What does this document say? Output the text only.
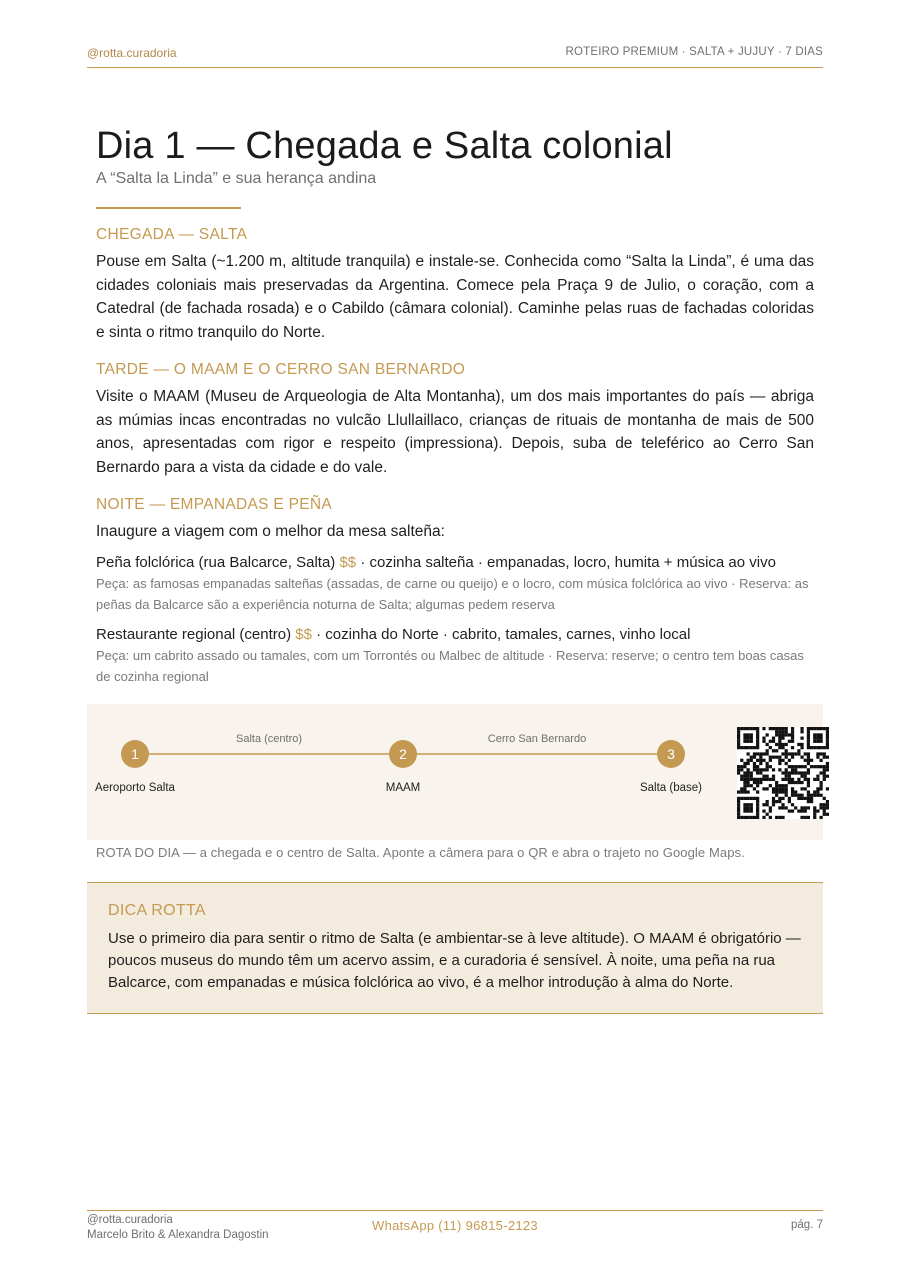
@rotta.curadoria	ROTEIRO PREMIUM · SALTA + JUJUY · 7 DIAS
Dia 1 — Chegada e Salta colonial
A “Salta la Linda” e sua herança andina
CHEGADA — SALTA

Pouse em Salta (~1.200 m, altitude tranquila) e instale-se. Conhecida como “Salta la Linda”, é uma das cidades coloniais mais preservadas da Argentina. Comece pela Praça 9 de Julio, o coração, com a Catedral (de fachada rosada) e o Cabildo (câmara colonial). Caminhe pelas ruas de fachadas coloridas e sinta o ritmo tranquilo do Norte.

TARDE — O MAAM E O CERRO SAN BERNARDO

Visite o MAAM (Museu de Arqueologia de Alta Montanha), um dos mais importantes do país — abriga as múmias incas encontradas no vulcão Llullaillaco, crianças de rituais de montanha de mais de 500 anos, apresentadas com rigor e respeito (impressiona). Depois, suba de teleférico ao Cerro San Bernardo para a vista da cidade e do vale.

NOITE — EMPANADAS E PEÑA

Inaugure a viagem com o melhor da mesa salteña:

Peña folclórica (rua Balcarce, Salta) $$ · cozinha salteña · empanadas, locro, humita + música ao vivo
Peça: as famosas empanadas salteñas (assadas, de carne ou queijo) e o locro, com música folclórica ao vivo · Reserva: as peñas da Balcarce são a experiência noturna de Salta; algumas pedem reserva
Restaurante regional (centro) $$ · cozinha do Norte · cabrito, tamales, carnes, vinho local
Peça: um cabrito assado ou tamales, com um Torrontés ou Malbec de altitude · Reserva: reserve; o centro tem boas casas de cozinha regional
Salta (centro)	Cerro San Bernardo
1
Aeroporto Salta
2
MAAM
3
Salta (base)
ROTA DO DIA — a chegada e o centro de Salta. Aponte a câmera para o QR e abra o trajeto no Google Maps.
DICA ROTTA

Use o primeiro dia para sentir o ritmo de Salta (e ambientar-se à leve altitude). O MAAM é obrigatório — poucos museus do mundo têm um acervo assim, e a curadoria é sensível. À noite, uma peña na rua Balcarce, com empanadas e música folclórica ao vivo, é a melhor introdução à alma do Norte.

@rotta.curadoria
Marcelo Brito & Alexandra Dagostin
WhatsApp (11) 96815-2123	pág. 7
